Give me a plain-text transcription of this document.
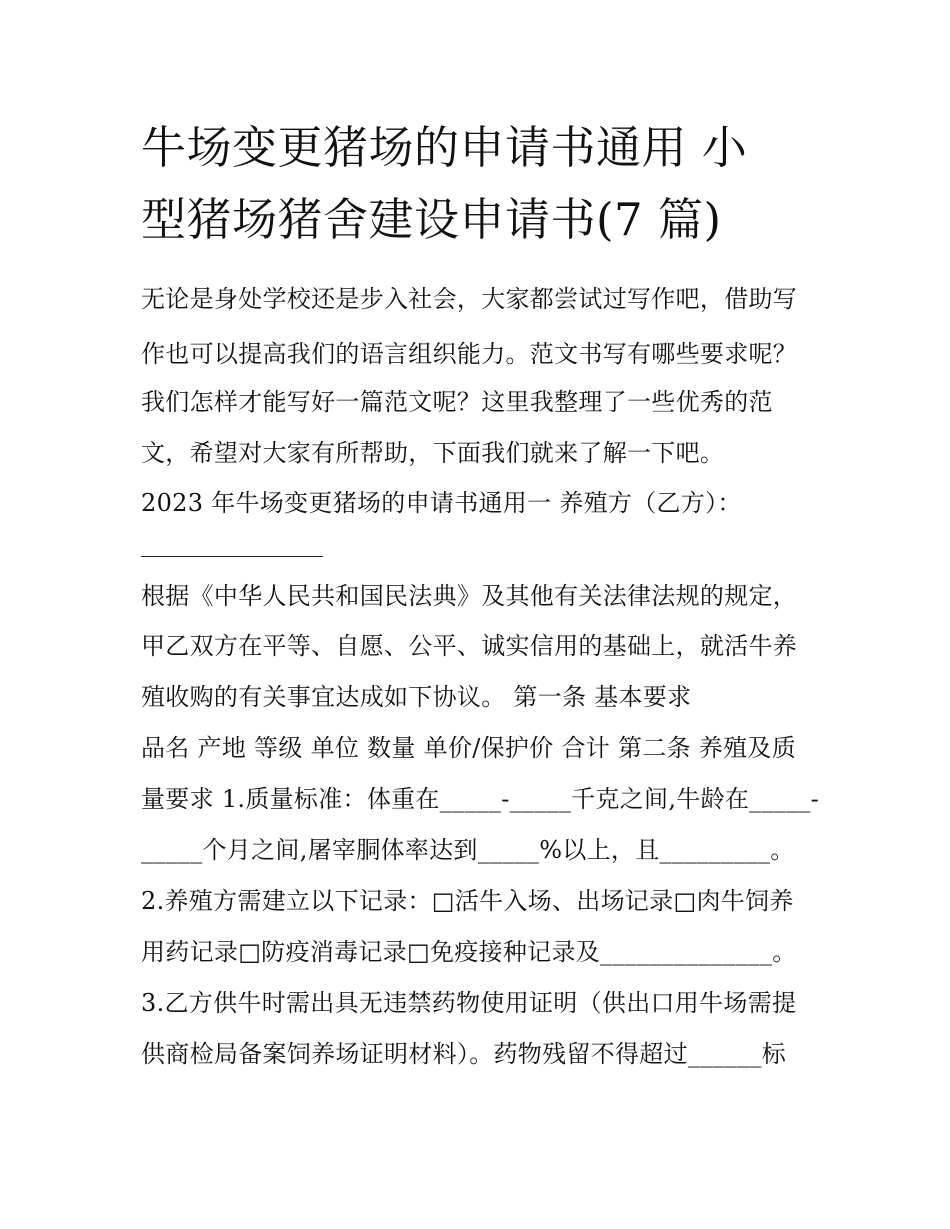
牛场变更猪场的申请书通用 小
型猪场猪舍建设申请书(7 篇)

无论是身处学校还是步入社会，大家都尝试过写作吧，借助写

作也可以提高我们的语言组织能力。范文书写有哪些要求呢？

我们怎样才能写好一篇范文呢？这里我整理了一些优秀的范

文，希望对大家有所帮助，下面我们就来了解一下吧。

2023 年牛场变更猪场的申请书通用一 养殖方（乙方）：

根据《中华人民共和国民法典》及其他有关法律法规的规定，

甲乙双方在平等、自愿、公平、诚实信用的基础上，就活牛养

殖收购的有关事宜达成如下协议。 第一条 基本要求

品名 产地 等级 单位 数量 单价/保护价 合计 第二条 养殖及质

量要求 1.质量标准：体重在_____-_____千克之间,牛龄在_____-

_____个月之间,屠宰胴体率达到_____%以上，且_________。

2.养殖方需建立以下记录：□活牛入场、出场记录□肉牛饲养

用药记录□防疫消毒记录□免疫接种记录及______________。

3.乙方供牛时需出具无违禁药物使用证明（供出口用牛场需提

供商检局备案饲养场证明材料）。药物残留不得超过______标
